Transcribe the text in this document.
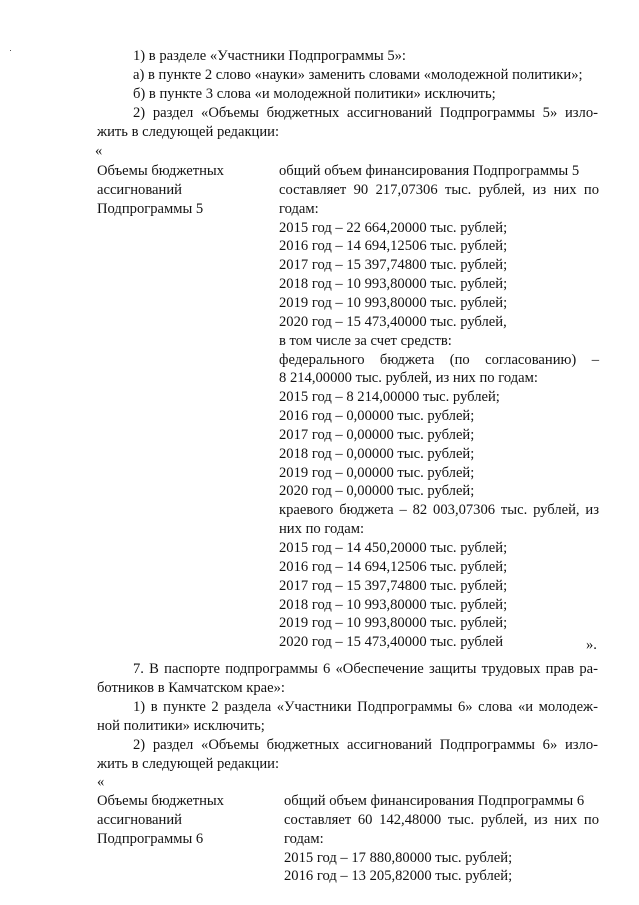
1) в разделе «Участники Подпрограммы 5»:
а) в пункте 2 слово «науки» заменить словами «молодежной политики»;
б) в пункте 3 слова «и молодежной политики» исключить;
2) раздел «Объемы бюджетных ассигнований Подпрограммы 5» изло-
жить в следующей редакции:
«
Объемы бюджетных
ассигнований
Подпрограммы 5
общий объем финансирования Подпрограммы 5
составляет 90 217,07306 тыс. рублей, из них по
годам:
2015 год – 22 664,20000 тыс. рублей;
2016 год – 14 694,12506 тыс. рублей;
2017 год – 15 397,74800 тыс. рублей;
2018 год – 10 993,80000 тыс. рублей;
2019 год – 10 993,80000 тыс. рублей;
2020 год – 15 473,40000 тыс. рублей,
в том числе за счет средств:
федерального бюджета (по согласованию) –
8 214,00000 тыс. рублей, из них по годам:
2015 год – 8 214,00000 тыс. рублей;
2016 год – 0,00000 тыс. рублей;
2017 год – 0,00000 тыс. рублей;
2018 год – 0,00000 тыс. рублей;
2019 год – 0,00000 тыс. рублей;
2020 год – 0,00000 тыс. рублей;
краевого бюджета – 82 003,07306 тыс. рублей, из
них по годам:
2015 год – 14 450,20000 тыс. рублей;
2016 год – 14 694,12506 тыс. рублей;
2017 год – 15 397,74800 тыс. рублей;
2018 год – 10 993,80000 тыс. рублей;
2019 год – 10 993,80000 тыс. рублей;
2020 год – 15 473,40000 тыс. рублей	».
7. В паспорте подпрограммы 6 «Обеспечение защиты трудовых прав ра-
ботников в Камчатском крае»:
1) в пункте 2 раздела «Участники Подпрограммы 6» слова «и молодеж-
ной политики» исключить;
2) раздел «Объемы бюджетных ассигнований Подпрограммы 6» изло-
жить в следующей редакции:
«
Объемы бюджетных
ассигнований
Подпрограммы 6
общий объем финансирования Подпрограммы 6
составляет 60 142,48000 тыс. рублей, из них по
годам:
2015 год – 17 880,80000 тыс. рублей;
2016 год – 13 205,82000 тыс. рублей;
